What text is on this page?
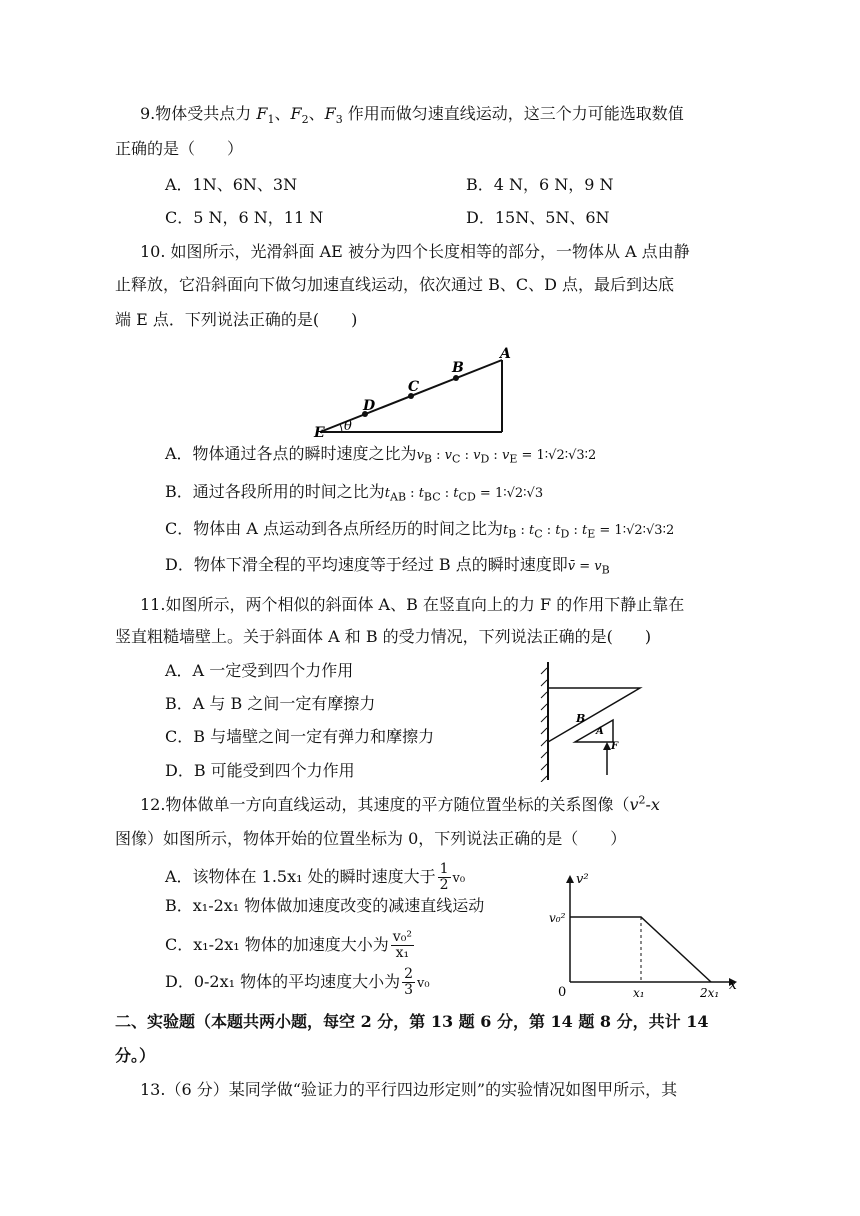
9.物体受共点力 $F_1$、$F_2$、$F_3$ 作用而做匀速直线运动，这三个力可能选取数值
正确的是（　　）
A．1N、6N、3N	B．4 N，6 N，9 N
C．5 N，6 N，11 N	D．15N、5N、6N
10. 如图所示，光滑斜面 AE 被分为四个长度相等的部分，一物体从 A 点由静
止释放，它沿斜面向下做匀加速直线运动，依次通过 B、C、D 点，最后到达底
端 E 点．下列说法正确的是(　　)
A
B
C
D
E θ
A．物体通过各点的瞬时速度之比为$v_B$ : $v_C$ : $v_D$ : $v_E$ = 1∶√2∶√3∶2
B．通过各段所用的时间之比为$t_{AB}$ : $t_{BC}$ : $t_{CD}$ = 1∶√2∶√3
C．物体由 A 点运动到各点所经历的时间之比为$t_B$ : $t_C$ : $t_D$ : $t_E$ = 1∶√2∶√3∶2
D．物体下滑全程的平均速度等于经过 B 点的瞬时速度即v̄ = $v_B$
11.如图所示，两个相似的斜面体 A、B 在竖直向上的力 F 的作用下静止靠在
竖直粗糙墙壁上。关于斜面体 A 和 B 的受力情况，下列说法正确的是(　　)
A．A 一定受到四个力作用
B．A 与 B 之间一定有摩擦力
C．B 与墙壁之间一定有弹力和摩擦力
D．B 可能受到四个力作用
B
A
F
12.物体做单一方向直线运动，其速度的平方随位置坐标的关系图像（$v^2-x$
图像）如图所示，物体开始的位置坐标为 0，下列说法正确的是（　　）
A．该物体在 1.5x₁ 处的瞬时速度大于 $\frac{1}{2} v_0$
B．x₁-2x₁ 物体做加速度改变的减速直线运动
C．x₁-2x₁ 物体的加速度大小为 $\frac{\text{v₀²}}{\text{x₁}}$
D．0-2x₁ 物体的平均速度大小为 $\frac{2}{3} v_0$
v²
x
0
v₀²
x₁	2x₁
二、实验题（本题共两小题，每空 2 分，第 13 题 6 分，第 14 题 8 分，共计 14
分。）
13.（6 分）某同学做“验证力的平行四边形定则”的实验情况如图甲所示，其
